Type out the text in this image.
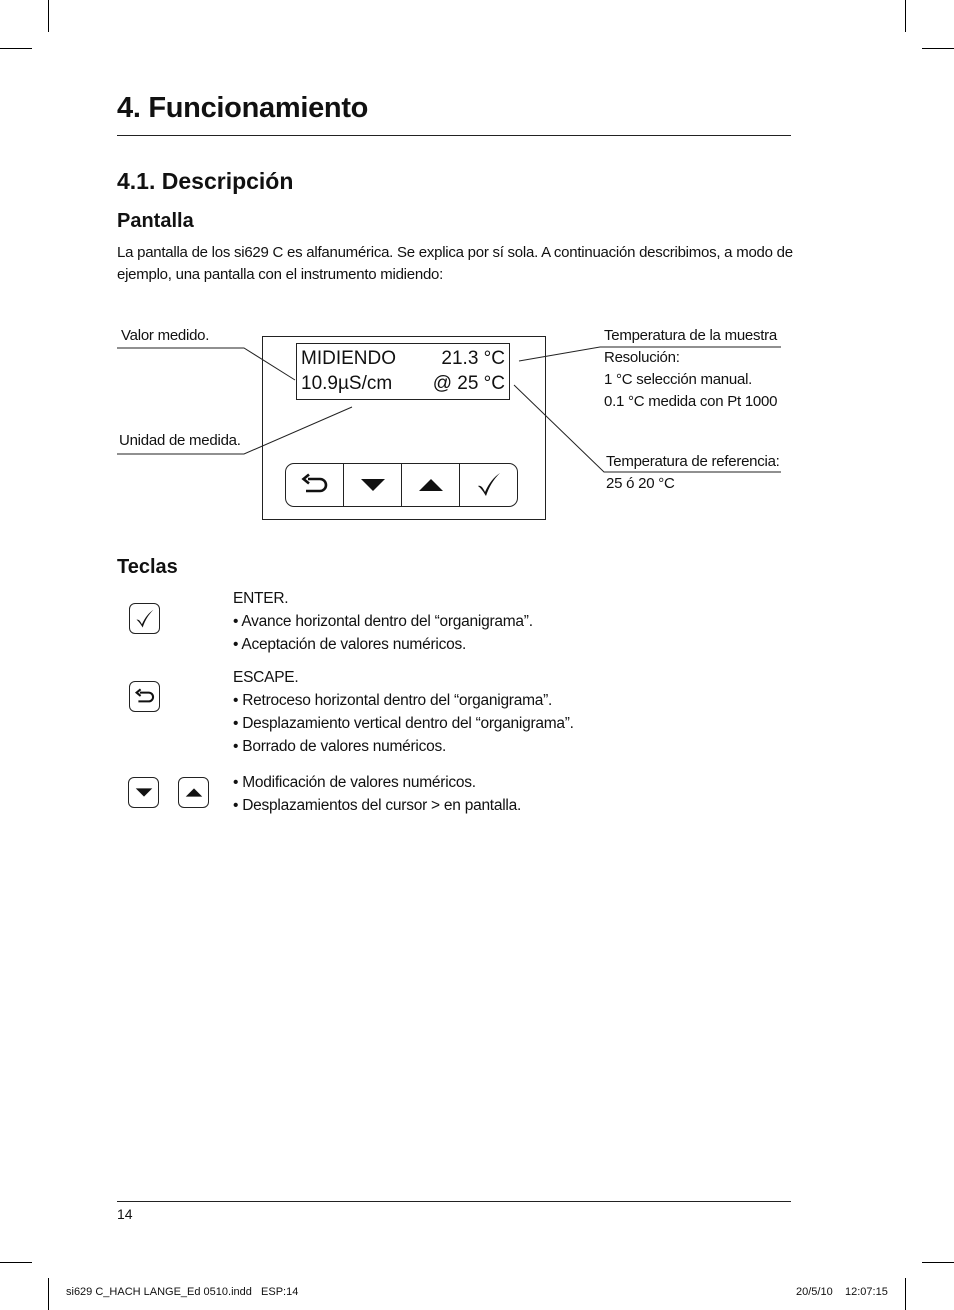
4. Funcionamiento
4.1. Descripción
Pantalla
La pantalla de los si629 C es alfanumérica. Se explica por sí sola. A continuación describimos, a modo de ejemplo, una pantalla con el instrumento midiendo:
MIDIENDO 21.3 °C
10.9µS/cm @ 25 °C
Valor medido.
Unidad de medida.
Temperatura de la muestra
Resolución:
1 °C selección manual.
0.1 °C medida con Pt 1000
Temperatura de referencia:
25 ó 20 °C
Teclas
ENTER.
• Avance horizontal dentro del “organigrama”.
• Aceptación de valores numéricos.
ESCAPE.
• Retroceso horizontal dentro del “organigrama”.
• Desplazamiento vertical dentro del “organigrama”.
• Borrado de valores numéricos.
• Modificación de valores numéricos.
• Desplazamientos del cursor > en pantalla.
14
si629 C_HACH LANGE_Ed 0510.indd   ESP:14	20/5/10 12:07:15
